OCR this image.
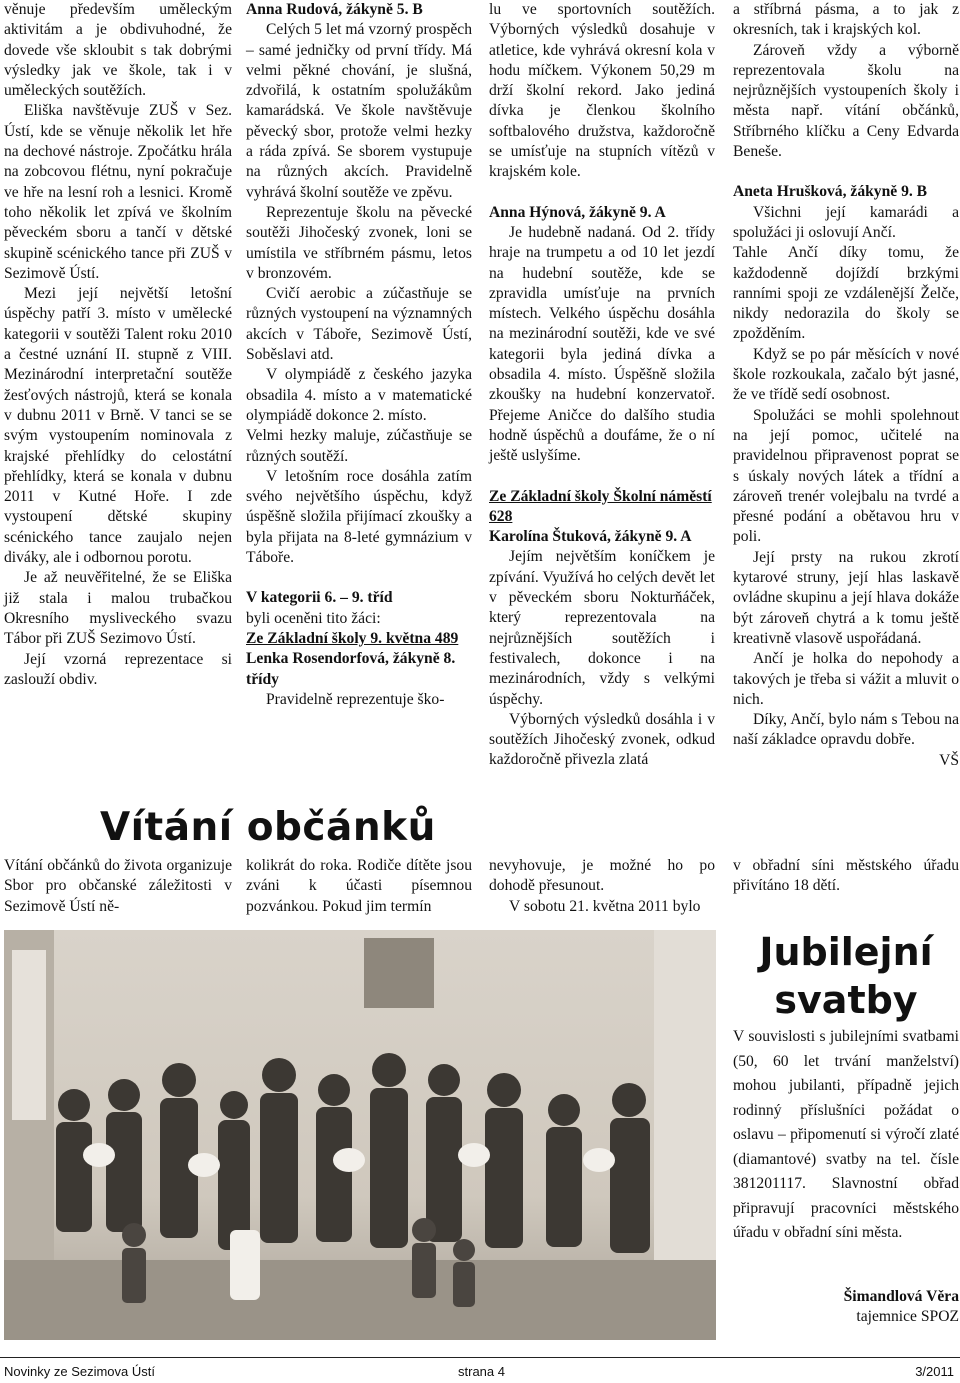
věnuje především uměleckým aktivitám a je obdivuhodné, že dovede vše skloubit s tak dobrými výsledky jak ve škole, tak i v uměleckých soutěžích.

Eliška navštěvuje ZUŠ v Sez. Ústí, kde se věnuje několik let hře na dechové nástroje. Zpočátku hrála na zobcovou flétnu, nyní pokračuje ve hře na lesní roh a lesnici. Kromě toho několik let zpívá ve školním pěveckém sboru a tančí v dětské skupině scénického tance při ZUŠ v Sezimově Ústí.

Mezi její největší letošní úspěchy patří 3. místo v umělecké kategorii v soutěži Talent roku 2010 a čestné uznání II. stupně z VIII. Mezinárodní interpretační soutěže žesťových nástrojů, která se konala v dubnu 2011 v Brně. V tanci se se svým vystoupením nominovala z krajské přehlídky do celostátní přehlídky, která se konala v dubnu 2011 v Kutné Hoře. I zde vystoupení dětské skupiny scénického tance zaujalo nejen diváky, ale i odbornou porotu.

Je až neuvěřitelné, že se Eliška již stala i malou trubačkou Okresního mysliveckého svazu Tábor při ZUŠ Sezimovo Ústí.

Její vzorná reprezentace si zaslouží obdiv.

Anna Rudová, žákyně 5. B

Celých 5 let má vzorný prospěch – samé jedničky od první třídy. Má velmi pěkné chování, je slušná, zdvořilá, k ostatním spolužákům kamarádská. Ve škole navštěvuje pěvecký sbor, protože velmi hezky a ráda zpívá. Se sborem vystupuje na různých akcích. Pravidelně vyhrává školní soutěže ve zpěvu.

Reprezentuje školu na pěvecké soutěži Jihočeský zvonek, loni se umístila ve stříbrném pásmu, letos v bronzovém.

Cvičí aerobic a zúčastňuje se různých vystoupení na významných akcích v Táboře, Sezimově Ústí, Soběslavi atd.

V olympiádě z českého jazyka obsadila 4. místo a v matematické olympiádě dokonce 2. místo.

Velmi hezky maluje, zúčastňuje se různých soutěží.

V letošním roce dosáhla zatím svého největšího úspěchu, když úspěšně složila přijímací zkoušky a byla přijata na 8-leté gymnázium v Táboře.

V kategorii 6. – 9. tříd

byli oceněni tito žáci:

Ze Základní školy 9. května 489

Lenka Rosendorfová, žákyně 8. třídy

Pravidelně reprezentuje ško-

lu ve sportovních soutěžích. Výborných výsledků dosahuje v atletice, kde vyhrává okresní kola v hodu míčkem. Výkonem 50,29 m drží školní rekord. Jako jediná dívka je členkou školního softbalového družstva, každoročně se umísťuje na stupních vítězů v krajském kole.

Anna Hýnová, žákyně 9. A

Je hudebně nadaná. Od 2. třídy hraje na trumpetu a od 10 let jezdí na hudební soutěže, kde se zpravidla umísťuje na prvních místech. Velkého úspěchu dosáhla na mezinárodní soutěži, kde ve své kategorii byla jediná dívka a obsadila 4. místo. Úspěšně složila zkoušky na hudební konzervatoř. Přejeme Aničce do dalšího studia hodně úspěchů a doufáme, že o ní ještě uslyšíme.

Ze Základní školy Školní náměstí 628

Karolína Štuková, žákyně 9. A

Jejím největším koníčkem je zpívání. Využívá ho celých devět let v pěveckém sboru Nokturňáček, který reprezentovala na nejrůznějších soutěžích i festivalech, dokonce i na mezinárodních, vždy s velkými úspěchy.

Výborných výsledků dosáhla i v soutěžích Jihočeský zvonek, odkud každoročně přivezla zlatá

a stříbrná pásma, a to jak z okresních, tak i krajských kol.

Zároveň vždy a výborně reprezentovala školu na nejrůznějších vystoupeních školy i města např. vítání občánků, Stříbrného klíčku a Ceny Edvarda Beneše.

Aneta Hrušková, žákyně 9. B

Všichni její kamarádi a spolužáci ji oslovují Ančí.

Tahle Ančí díky tomu, že každodenně dojíždí brzkými ranními spoji ze vzdálenější Želče, nikdy nedorazila do školy se zpožděním.

Když se po pár měsících v nové škole rozkoukala, začalo být jasné, že ve třídě sedí osobnost.

Spolužáci se mohli spolehnout na její pomoc, učitelé na pravidelnou připravenost poprat se s úskaly nových látek a třídní a zároveň trenér volejbalu na tvrdé a přesné podání a obětavou hru v poli.

Její prsty na rukou zkrotí kytarové struny, její hlas laskavě ovládne skupinu a její hlava dokáže být zároveň chytrá a k tomu ještě kreativně vlasově uspořádaná.

Ančí je holka do nepohody a takových je třeba si vážit a mluvit o nich.

Díky, Ančí, bylo nám s Tebou na naší základce opravdu dobře.

VŠ

Vítání občánků

Vítání občánků do života organizuje Sbor pro občanské záležitosti v Sezimově Ústí ně-

kolikrát do roka. Rodiče dítěte jsou zváni k účasti písemnou pozvánkou. Pokud jim termín

nevyhovuje, je možné ho po dohodě přesunout.

V sobotu 21. května 2011 bylo

v obřadní síni městského úřadu přivítáno 18 dětí.

Jubilejní svatby

V souvislosti s jubilejními svatbami (50, 60 let trvání manželství) mohou jubilanti, případně jejich rodinný příslušníci požádat o oslavu – připomenutí si výročí zlaté (diamantové) svatby na tel. čísle 381201117. Slavnostní obřad připravují pracovníci městského úřadu v obřadní síni města.

Šimandlová Věra

tajemnice SPOZ

Novinky ze Sezimova Ústí	strana 4	3/2011
